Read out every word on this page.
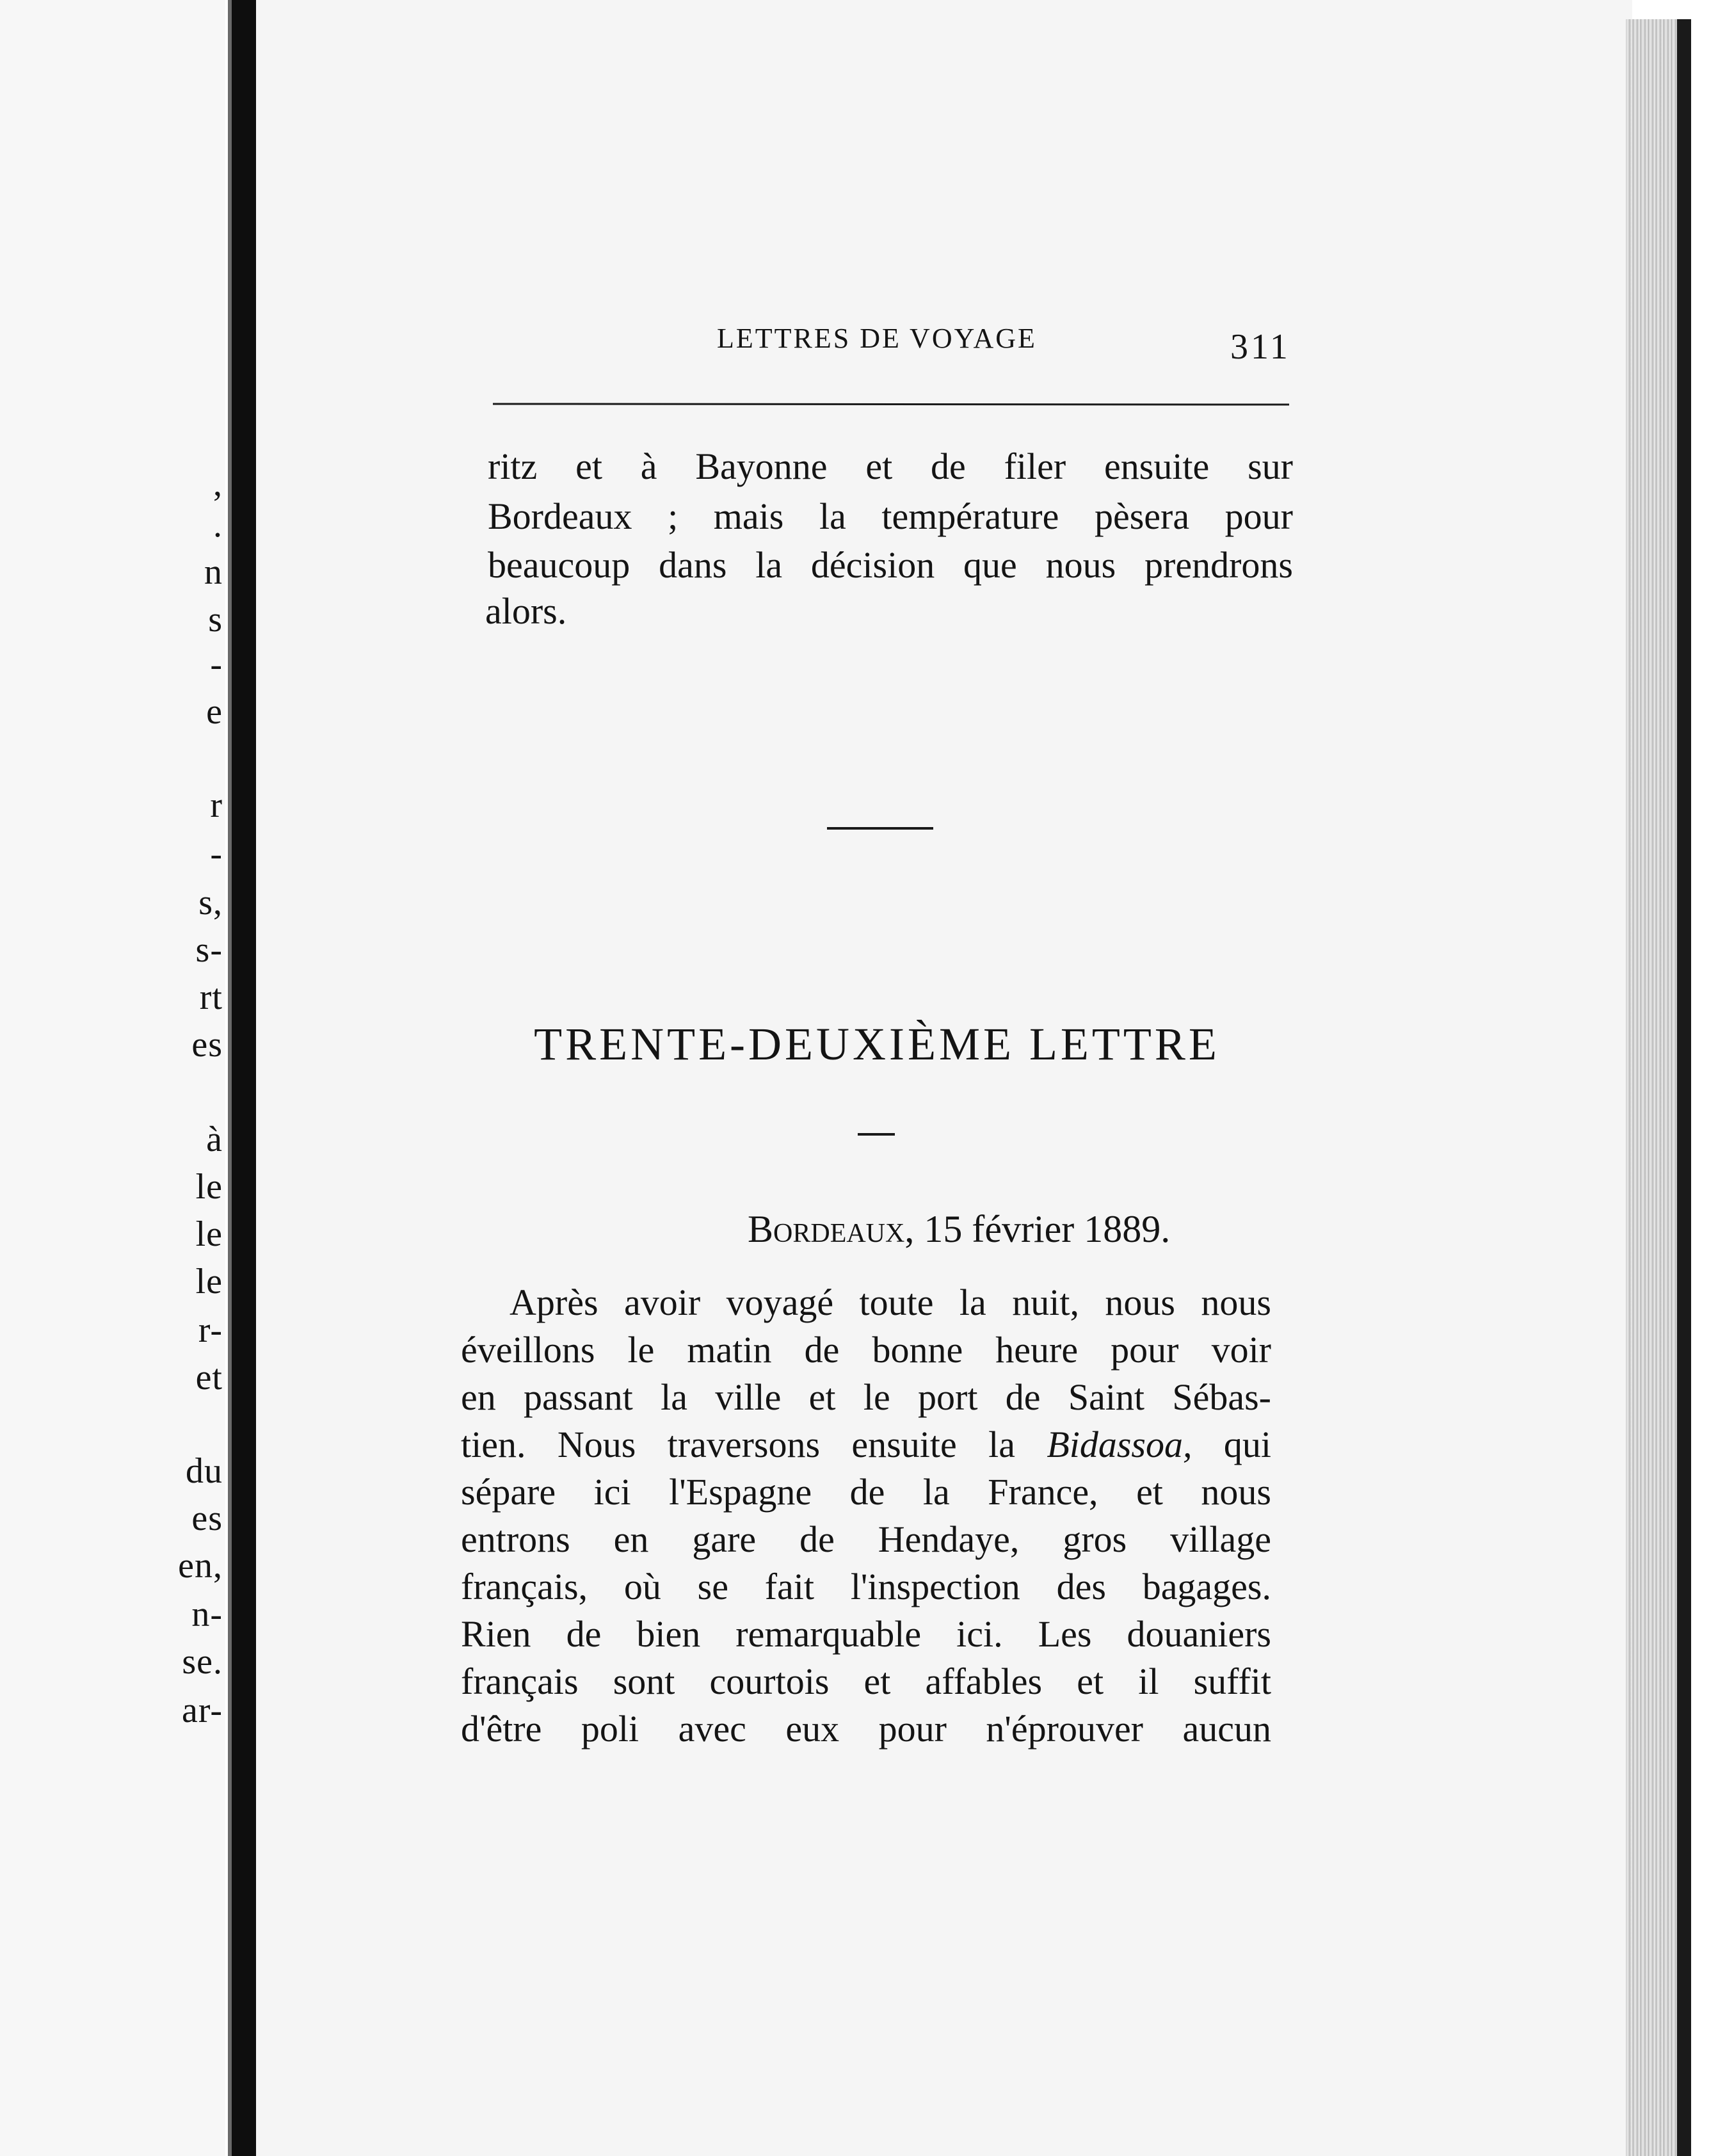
,
.
n
s
-
e
r
-
s,
s-
rt
es
à
le
le
le
r-
et
du
es
en,
n-
se.
ar-
LETTRES DE VOYAGE	311
ritz et à Bayonne et de filer ensuite sur
Bordeaux ; mais la température pèsera pour
beaucoup dans la décision que nous prendrons
alors.
TRENTE-DEUXIÈME LETTRE
Bordeaux, 15 février 1889.
Après avoir voyagé toute la nuit, nous nous
éveillons le matin de bonne heure pour voir
en passant la ville et le port de Saint Sébas-
tien. Nous traversons ensuite la Bidassoa, qui
sépare ici l'Espagne de la France, et nous
entrons en gare de Hendaye, gros village
français, où se fait l'inspection des bagages.
Rien de bien remarquable ici. Les douaniers
français sont courtois et affables et il suffit
d'être poli avec eux pour n'éprouver aucun
